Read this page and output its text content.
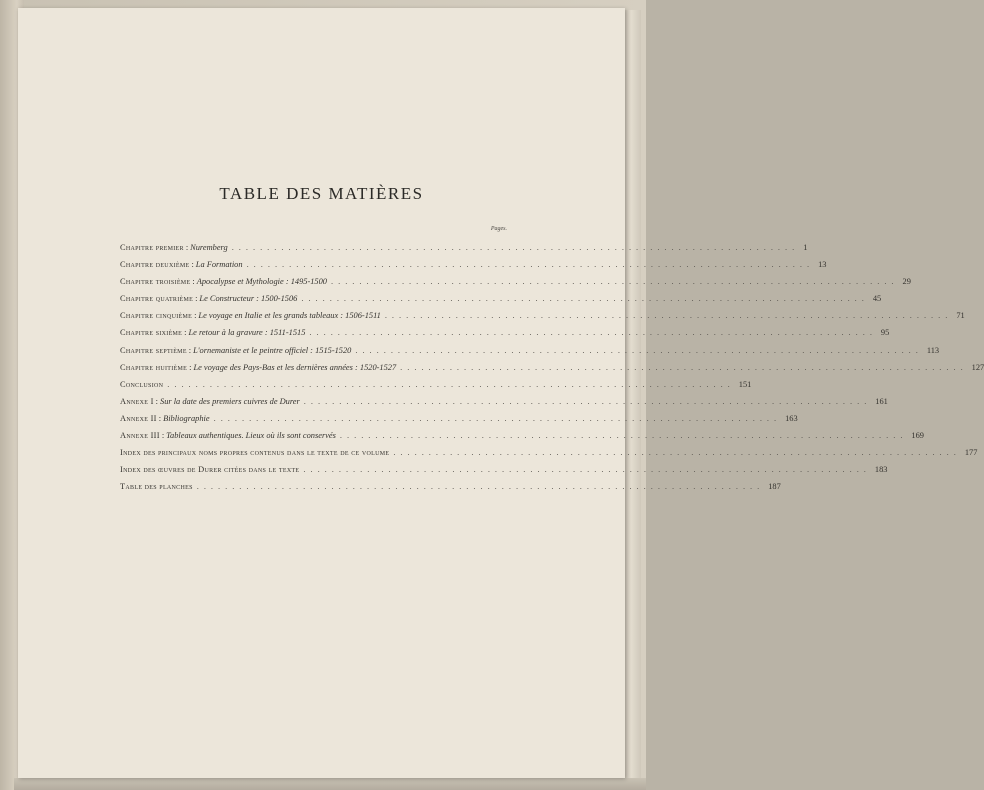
TABLE DES MATIÈRES
Pages.
Chapitre premier : Nuremberg ................................................................................ 1
Chapitre deuxième : La Formation ................................................................................ 13
Chapitre troisième : Apocalypse et Mythologie : 1495-1500 ................................................................................ 29
Chapitre quatrième : Le Constructeur : 1500-1506 ................................................................................ 45
Chapitre cinquième : Le voyage en Italie et les grands tableaux : 1506-1511 ................................................................................ 71
Chapitre sixième : Le retour à la gravure : 1511-1515 ................................................................................ 95
Chapitre septième : L'ornemaniste et le peintre officiel : 1515-1520 ................................................................................ 113
Chapitre huitième : Le voyage des Pays-Bas et les dernières années : 1520-1527 ................................................................................ 127
Conclusion ................................................................................ 151
Annexe I : Sur la date des premiers cuivres de Durer ................................................................................ 161
Annexe II : Bibliographie ................................................................................ 163
Annexe III : Tableaux authentiques. Lieux où ils sont conservés ................................................................................ 169
Index des principaux noms propres contenus dans le texte de ce volume ................................................................................ 177
Index des œuvres de Durer citées dans le texte ................................................................................ 183
Table des planches ................................................................................ 187
